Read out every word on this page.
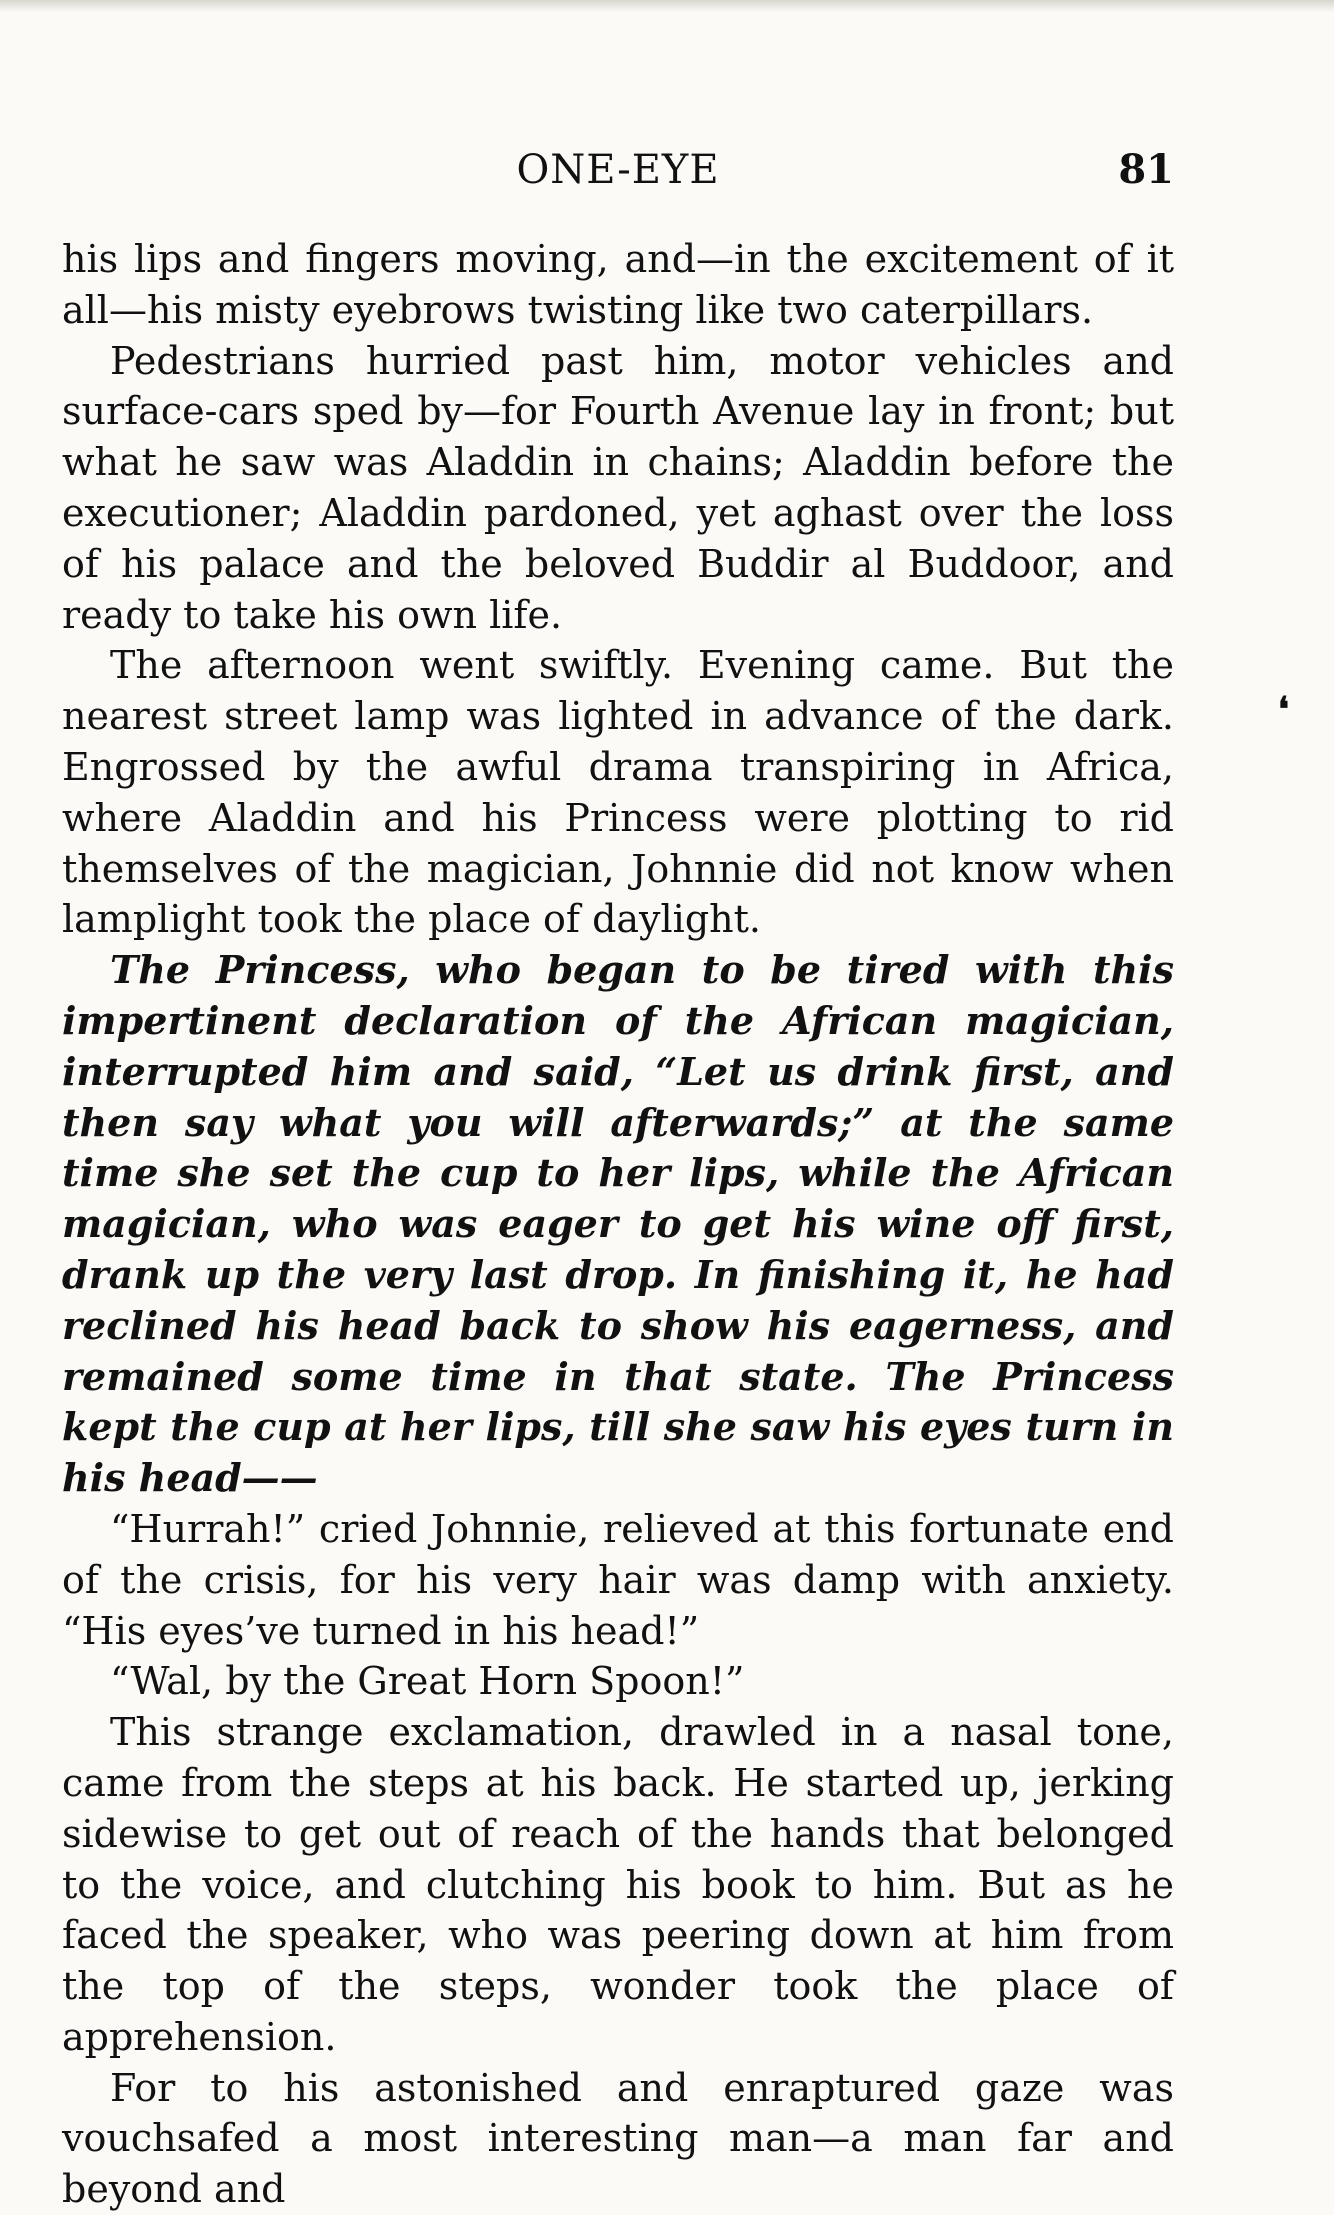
ONE-EYE	81
❛

his lips and fingers moving, and—in the excitement of it all—his misty eyebrows twisting like two caterpillars.

Pedestrians hurried past him, motor vehicles and surface-cars sped by—for Fourth Avenue lay in front; but what he saw was Aladdin in chains; Aladdin before the executioner; Aladdin pardoned, yet aghast over the loss of his palace and the beloved Buddir al Buddoor, and ready to take his own life.

The afternoon went swiftly. Evening came. But the nearest street lamp was lighted in advance of the dark. Engrossed by the awful drama transpiring in Africa, where Aladdin and his Princess were plotting to rid themselves of the magician, Johnnie did not know when lamplight took the place of daylight.

The Princess, who began to be tired with this impertinent declaration of the African magician, interrupted him and said, “Let us drink first, and then say what you will afterwards;” at the same time she set the cup to her lips, while the African magician, who was eager to get his wine off first, drank up the very last drop. In finishing it, he had reclined his head back to show his eagerness, and remained some time in that state. The Princess kept the cup at her lips, till she saw his eyes turn in his head——

“Hurrah!” cried Johnnie, relieved at this fortunate end of the crisis, for his very hair was damp with anxiety. “His eyes’ve turned in his head!”

“Wal, by the Great Horn Spoon!”

This strange exclamation, drawled in a nasal tone, came from the steps at his back. He started up, jerking sidewise to get out of reach of the hands that belonged to the voice, and clutching his book to him. But as he faced the speaker, who was peering down at him from the top of the steps, wonder took the place of apprehension.

For to his astonished and enraptured gaze was vouchsafed a most interesting man—a man far and beyond and
